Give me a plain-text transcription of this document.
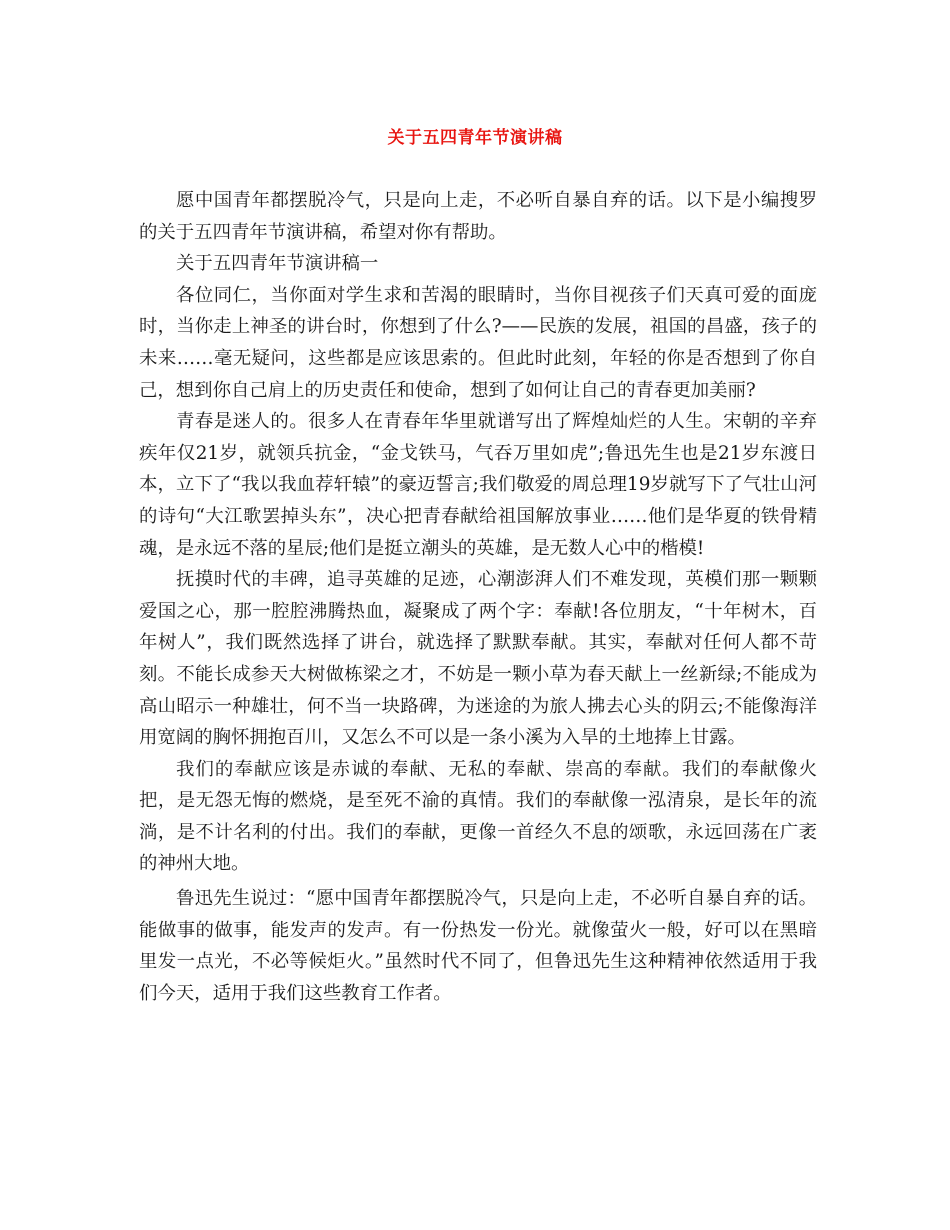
关于五四青年节演讲稿

愿中国青年都摆脱冷气，只是向上走，不必听自暴自弃的话。以下是小编搜罗的关于五四青年节演讲稿，希望对你有帮助。

关于五四青年节演讲稿一

各位同仁，当你面对学生求和苦渴的眼睛时，当你目视孩子们天真可爱的面庞时，当你走上神圣的讲台时，你想到了什么?——民族的发展，祖国的昌盛，孩子的未来……毫无疑问，这些都是应该思索的。但此时此刻，年轻的你是否想到了你自己，想到你自己肩上的历史责任和使命，想到了如何让自己的青春更加美丽?

青春是迷人的。很多人在青春年华里就谱写出了辉煌灿烂的人生。宋朝的辛弃疾年仅21岁，就领兵抗金，“金戈铁马，气吞万里如虎”;鲁迅先生也是21岁东渡日本，立下了“我以我血荐轩辕”的豪迈誓言;我们敬爱的周总理19岁就写下了气壮山河的诗句“大江歌罢掉头东”，决心把青春献给祖国解放事业……他们是华夏的铁骨精魂，是永远不落的星辰;他们是挺立潮头的英雄，是无数人心中的楷模!

抚摸时代的丰碑，追寻英雄的足迹，心潮澎湃人们不难发现，英模们那一颗颗爱国之心，那一腔腔沸腾热血，凝聚成了两个字：奉献!各位朋友，“十年树木，百年树人”，我们既然选择了讲台，就选择了默默奉献。其实，奉献对任何人都不苛刻。不能长成参天大树做栋梁之才，不妨是一颗小草为春天献上一丝新绿;不能成为高山昭示一种雄壮，何不当一块路碑，为迷途的为旅人拂去心头的阴云;不能像海洋用宽阔的胸怀拥抱百川，又怎么不可以是一条小溪为入旱的土地捧上甘露。

我们的奉献应该是赤诚的奉献、无私的奉献、崇高的奉献。我们的奉献像火把，是无怨无悔的燃烧，是至死不渝的真情。我们的奉献像一泓清泉，是长年的流淌，是不计名利的付出。我们的奉献，更像一首经久不息的颂歌，永远回荡在广袤的神州大地。

鲁迅先生说过：“愿中国青年都摆脱冷气，只是向上走，不必听自暴自弃的话。能做事的做事，能发声的发声。有一份热发一份光。就像萤火一般，好可以在黑暗里发一点光，不必等候炬火。”虽然时代不同了，但鲁迅先生这种精神依然适用于我们今天，适用于我们这些教育工作者。
